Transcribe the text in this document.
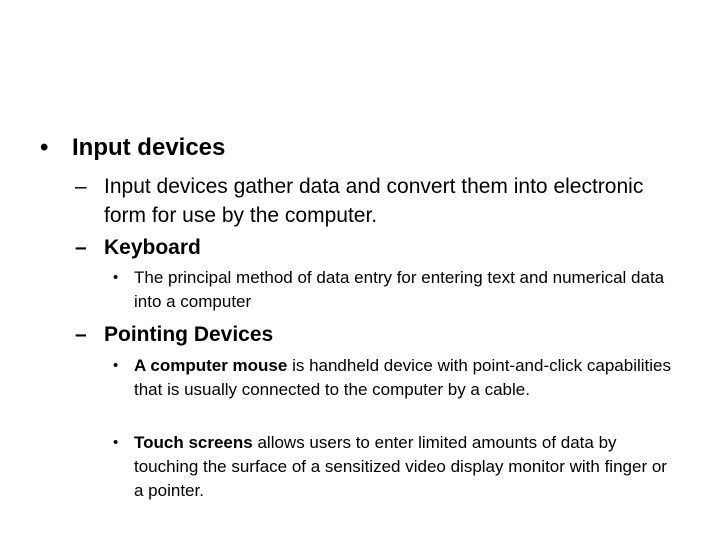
• Input devices
– Input devices gather data and convert them into electronic form for use by the computer.
– Keyboard
• The principal method of data entry for entering text and numerical data into a computer
– Pointing Devices
• A computer mouse is handheld device with point-and-click capabilities that is usually connected to the computer by a cable.
• Touch screens allows users to enter limited amounts of data by touching the surface of a sensitized video display monitor with finger or a pointer.
